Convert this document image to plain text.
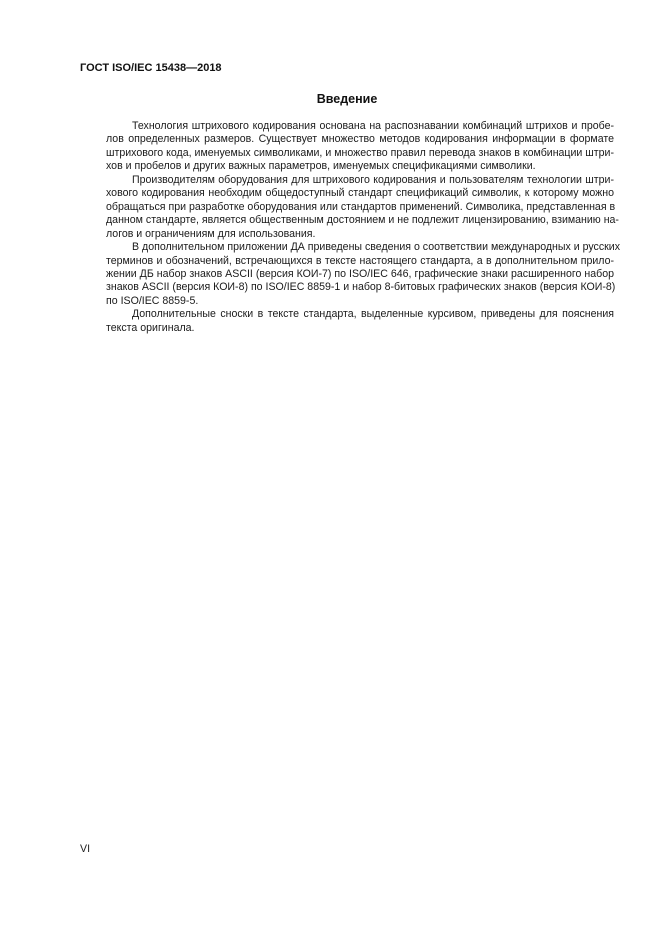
ГОСТ ISO/IEC 15438—2018
Введение

Технология штрихового кодирования основана на распознавании комбинаций штрихов и пробе-
лов определенных размеров. Существует множество методов кодирования информации в формате
штрихового кода, именуемых символиками, и множество правил перевода знаков в комбинации штри-
хов и пробелов и других важных параметров, именуемых спецификациями символики.

Производителям оборудования для штрихового кодирования и пользователям технологии штри-
хового кодирования необходим общедоступный стандарт спецификаций символик, к которому можно
обращаться при разработке оборудования или стандартов применений. Символика, представленная в
данном стандарте, является общественным достоянием и не подлежит лицензированию, взиманию на-
логов и ограничениям для использования.

В дополнительном приложении ДА приведены сведения о соответствии международных и русских
терминов и обозначений, встречающихся в тексте настоящего стандарта, а в дополнительном прило-
жении ДБ набор знаков ASCII (версия КОИ-7) по ISO/IEC 646, графические знаки расширенного набор
знаков ASCII (версия КОИ-8) по ISO/IEC 8859-1 и набор 8-битовых графических знаков (версия КОИ-8)
по ISO/IEC 8859-5.

Дополнительные сноски в тексте стандарта, выделенные курсивом, приведены для пояснения
текста оригинала.

VI
